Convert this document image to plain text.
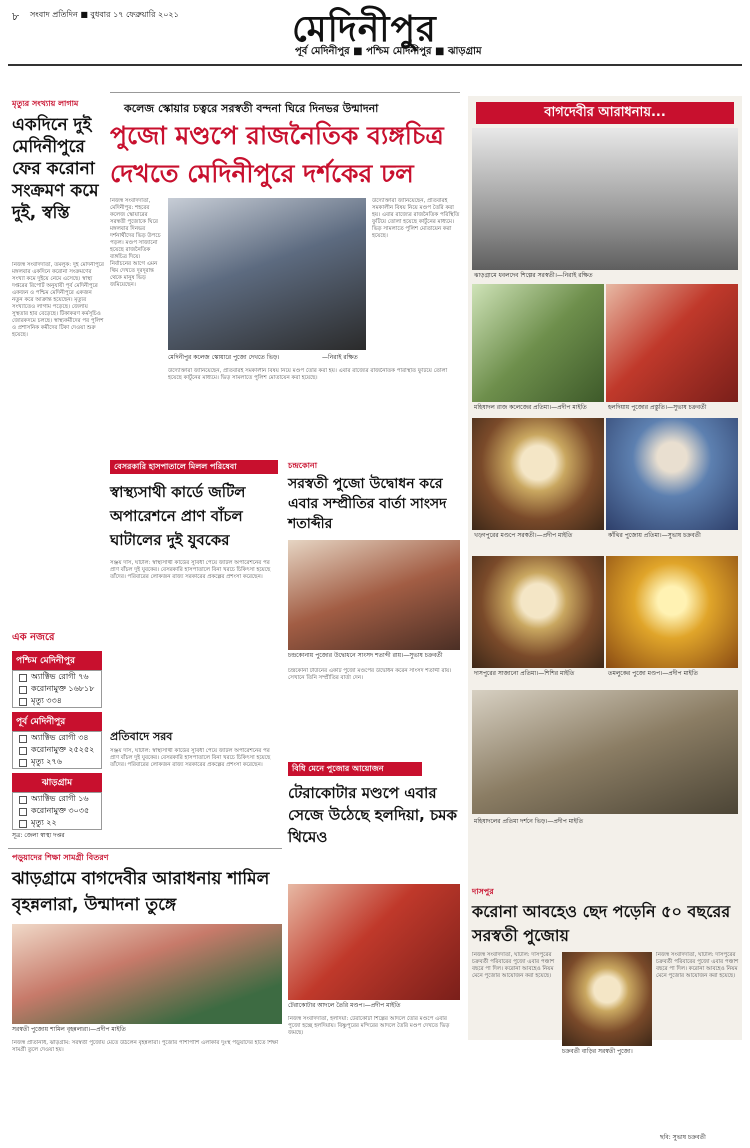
৮ সংবাদ প্রতিদিন ■ বুধবার ১৭ ফেব্রুয়ারি ২০২১	মেদিনীপুর
পূর্ব মেদিনীপুর ■ পশ্চিম মেদিনীপুর ■ ঝাড়গ্রাম
মৃত্যুর সংখ্যায় লাগাম
একদিনে দুই মেদিনীপুরে ফের করোনা সংক্রমণ কমে দুই, স্বস্তি
নিজস্ব সংবাদদাতা, তমলুক: দুই মেদিনীপুরে মঙ্গলবার একদিনে করোনা সংক্রমণের সংখ্যা কমে দুইয়ে নেমে এসেছে। স্বাস্থ্য দপ্তরের রিপোর্ট অনুযায়ী পূর্ব মেদিনীপুরে একজন ও পশ্চিম মেদিনীপুরে একজন নতুন করে আক্রান্ত হয়েছেন। মৃত্যুর সংখ্যাতেও লাগাম পড়েছে। জেলায় সুস্থতার হার বেড়েছে। টিকাকরণ কর্মসূচিও জোরকদমে চলছে। স্বাস্থ্যকর্মীদের পর পুলিশ ও প্রশাসনিক কর্মীদের টিকা দেওয়া শুরু হয়েছে।
এক নজরে
পশ্চিম মেদিনীপুর
অ্যাক্টিভ রোগী ৭৬
করোনামুক্ত ১৬৮১৮
মৃত্যু ৩৩৪
পূর্ব মেদিনীপুর
অ্যাক্টিভ রোগী ৩৪
করোনামুক্ত ২৫২৫২
মৃত্যু ২৭৬
ঝাড়গ্রাম
অ্যাক্টিভ রোগী ১৬
করোনামুক্ত ৩০৩৫
মৃত্যু ২২
সূত্র: জেলা স্বাস্থ্য দপ্তর
কলেজ স্কোয়ার চত্বরে সরস্বতী বন্দনা ঘিরে দিনভর উন্মাদনা
পুজো মণ্ডপে রাজনৈতিক ব্যঙ্গচিত্র
দেখতে মেদিনীপুরে দর্শকের ঢল
নিজস্ব সংবাদদাতা, মেদিনীপুর: শহরের কলেজ স্কোয়ারের সরস্বতী পুজোকে ঘিরে মঙ্গলবার দিনভর দর্শনার্থীদের ভিড় উপচে পড়ল। মণ্ডপ সাজানো হয়েছে রাজনৈতিক ব্যঙ্গচিত্র দিয়ে। নির্বাচনের আগে এমন থিম দেখতে দূরদূরান্ত থেকে মানুষ ভিড় জমিয়েছেন।
মেদিনীপুর কলেজ স্কোয়ারে পুজো দেখতে ভিড়।	—নিরাই রক্ষিত
উদ্যোক্তারা জানিয়েছেন, প্রতিবারই সমকালীন বিষয় নিয়ে মণ্ডপ তৈরি করা হয়। এবার রাজ্যের রাজনৈতিক পরিস্থিতি ফুটিয়ে তোলা হয়েছে কার্টুনের মাধ্যমে। ভিড় সামলাতে পুলিশ মোতায়েন করা হয়েছে।
উদ্যোক্তারা জানিয়েছেন, প্রতিবারই সমকালীন বিষয় নিয়ে মণ্ডপ তৈরি করা হয়। এবার রাজ্যের রাজনৈতিক পরিস্থিতি ফুটিয়ে তোলা হয়েছে কার্টুনের মাধ্যমে। ভিড় সামলাতে পুলিশ মোতায়েন করা হয়েছে।
বাগদেবীর আরাধনায়...
ঝাড়গ্রামে ধবলদেব শিল্পের সরস্বতী।—নিরাই রক্ষিত
মহিষাদল রাজ কলেজের প্রতিমা।—প্রদীপ মাইতি	হলদিয়ায় পুজোর প্রস্তুতি।—সুভাষ চক্রবর্তী
খড়্গপুরের মণ্ডপে সরস্বতী।—প্রদীপ মাইতি	কাঁথির পুজোয় প্রতিমা।—সুভাষ চক্রবর্তী
দাসপুরের সাজানো প্রতিমা।—শিশির মাইতি	তমলুকের পুজো মণ্ডপ।—প্রদীপ মাইতি
মহিষাদলের প্রতিমা দর্শনে ভিড়।—প্রদীপ মাইতি
বেসরকারি হাসপাতালে মিলল পরিষেবা
স্বাস্থ্যসাথী কার্ডে জটিল অপারেশনে প্রাণ বাঁচল ঘাটালের দুই যুবকের
সঞ্জয় দাস, ঘাটাল: স্বাস্থ্যসাথী কার্ডের সুবিধা পেয়ে জটিল অপারেশনের পর প্রাণ বাঁচল দুই যুবকের। বেসরকারি হাসপাতালে বিনা খরচে চিকিৎসা হয়েছে তাঁদের। পরিবারের লোকজন রাজ্য সরকারের প্রকল্পের প্রশংসা করেছেন।
প্রতিবাদে সরব
সঞ্জয় দাস, ঘাটাল: স্বাস্থ্যসাথী কার্ডের সুবিধা পেয়ে জটিল অপারেশনের পর প্রাণ বাঁচল দুই যুবকের। বেসরকারি হাসপাতালে বিনা খরচে চিকিৎসা হয়েছে তাঁদের। পরিবারের লোকজন রাজ্য সরকারের প্রকল্পের প্রশংসা করেছেন।
চন্দ্রকোনা
সরস্বতী পুজো উদ্বোধন করে এবার সম্প্রীতির বার্তা সাংসদ শতাব্দীর
চন্দ্রকোনায় পুজোর উদ্বোধনে সাংসদ শতাব্দী রায়।—সুভাষ চক্রবর্তী
চন্দ্রকোনা টাউনের একটি পুজো মণ্ডপের উদ্বোধন করেন সাংসদ শতাব্দী রায়। সেখানে তিনি সম্প্রীতির বার্তা দেন।
বিধি মেনে পুজোর আয়োজন
টেরাকোটার মণ্ডপে এবার সেজে উঠেছে হলদিয়া, চমক থিমেও
টেরাকোটার আদলে তৈরি মণ্ডপ।—প্রদীপ মাইতি
নিজস্ব সংবাদদাতা, হলদিয়া: টেরাকোটা শিল্পের আদলে তৈরি মণ্ডপে এবার পুজো হচ্ছে হলদিয়ায়। বিষ্ণুপুরের মন্দিরের আদলে তৈরি মণ্ডপ দেখতে ভিড় জমছে।
পড়ুয়াদের শিক্ষা সামগ্রী বিতরণ
ঝাড়গ্রামে বাগদেবীর আরাধনায় শামিল বৃহন্নলারা, উন্মাদনা তুঙ্গে
সরস্বতী পুজোয় শামিল বৃহন্নলারা।—প্রদীপ মাইতি
নিজস্ব প্রতিনিধি, ঝাড়গ্রাম: সরস্বতী পুজোয় মেতে উঠলেন বৃহন্নলারা। পুজোর পাশাপাশি এলাকার দুঃস্থ পড়ুয়াদের হাতে শিক্ষা সামগ্রী তুলে দেওয়া হয়।
দাসপুর
করোনা আবহেও ছেদ পড়েনি ৫০ বছরের সরস্বতী পুজোয়
নিজস্ব সংবাদদাতা, ঘাটাল: দাসপুরের চক্রবর্তী পরিবারের পুজো এবার পঞ্চাশ বছরে পা দিল। করোনা আবহেও নিয়ম মেনে পুজোর আয়োজন করা হয়েছে।
চক্রবর্তী বাড়ির সরস্বতী পুজো।
নিজস্ব সংবাদদাতা, ঘাটাল: দাসপুরের চক্রবর্তী পরিবারের পুজো এবার পঞ্চাশ বছরে পা দিল। করোনা আবহেও নিয়ম মেনে পুজোর আয়োজন করা হয়েছে।
ছবি: সুভাষ চক্রবর্তী
